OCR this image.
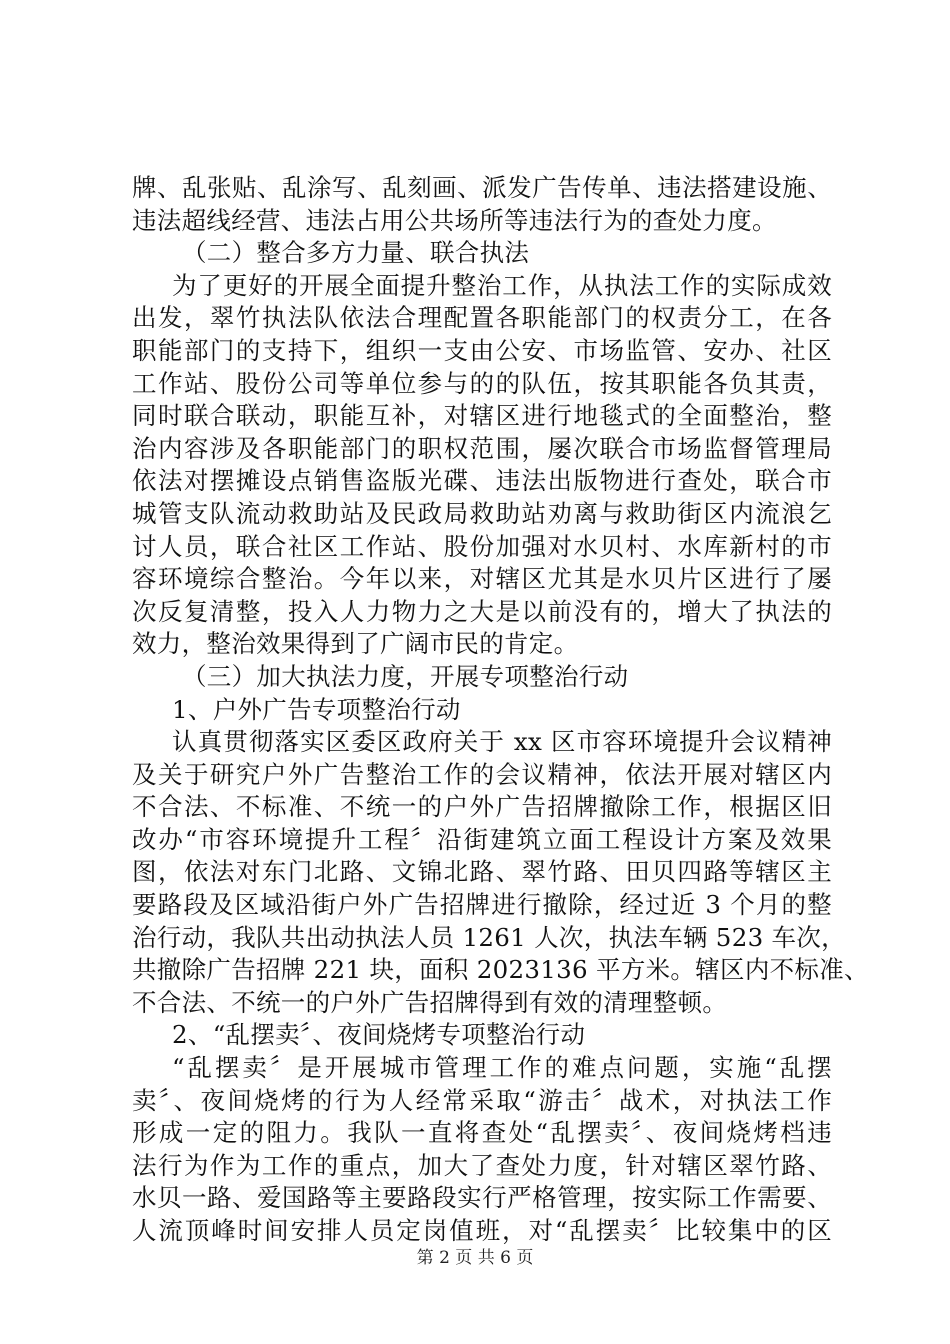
牌、乱张贴、乱涂写、乱刻画、派发广告传单、违法搭建设施、
违法超线经营、违法占用公共场所等违法行为的查处力度。
（二）整合多方力量、联合执法
为了更好的开展全面提升整治工作，从执法工作的实际成效
出发，翠竹执法队依法合理配置各职能部门的权责分工，在各
职能部门的支持下，组织一支由公安、市场监管、安办、社区
工作站、股份公司等单位参与的的队伍，按其职能各负其责，
同时联合联动，职能互补，对辖区进行地毯式的全面整治，整
治内容涉及各职能部门的职权范围，屡次联合市场监督管理局
依法对摆摊设点销售盗版光碟、违法出版物进行查处，联合市
城管支队流动救助站及民政局救助站劝离与救助街区内流浪乞
讨人员，联合社区工作站、股份加强对水贝村、水库新村的市
容环境综合整治。今年以来，对辖区尤其是水贝片区进行了屡
次反复清整，投入人力物力之大是以前没有的，增大了执法的
效力，整治效果得到了广阔市民的肯定。
（三）加大执法力度，开展专项整治行动
1、户外广告专项整治行动
认真贯彻落实区委区政府关于 xx 区市容环境提升会议精神
及关于研究户外广告整治工作的会议精神，依法开展对辖区内
不合法、不标准、不统一的户外广告招牌撤除工作，根据区旧
改办“市容环境提升工程〞沿街建筑立面工程设计方案及效果
图，依法对东门北路、文锦北路、翠竹路、田贝四路等辖区主
要路段及区域沿街户外广告招牌进行撤除，经过近 3 个月的整
治行动，我队共出动执法人员 1261 人次，执法车辆 523 车次，
共撤除广告招牌 221 块，面积 2023136 平方米。辖区内不标准、
不合法、不统一的户外广告招牌得到有效的清理整顿。
2、“乱摆卖〞、夜间烧烤专项整治行动
“乱摆卖〞是开展城市管理工作的难点问题，实施“乱摆
卖〞、夜间烧烤的行为人经常采取“游击〞战术，对执法工作
形成一定的阻力。我队一直将查处“乱摆卖〞、夜间烧烤档违
法行为作为工作的重点，加大了查处力度，针对辖区翠竹路、
水贝一路、爱国路等主要路段实行严格管理，按实际工作需要、
人流顶峰时间安排人员定岗值班，对“乱摆卖〞比较集中的区
第 2 页 共 6 页
